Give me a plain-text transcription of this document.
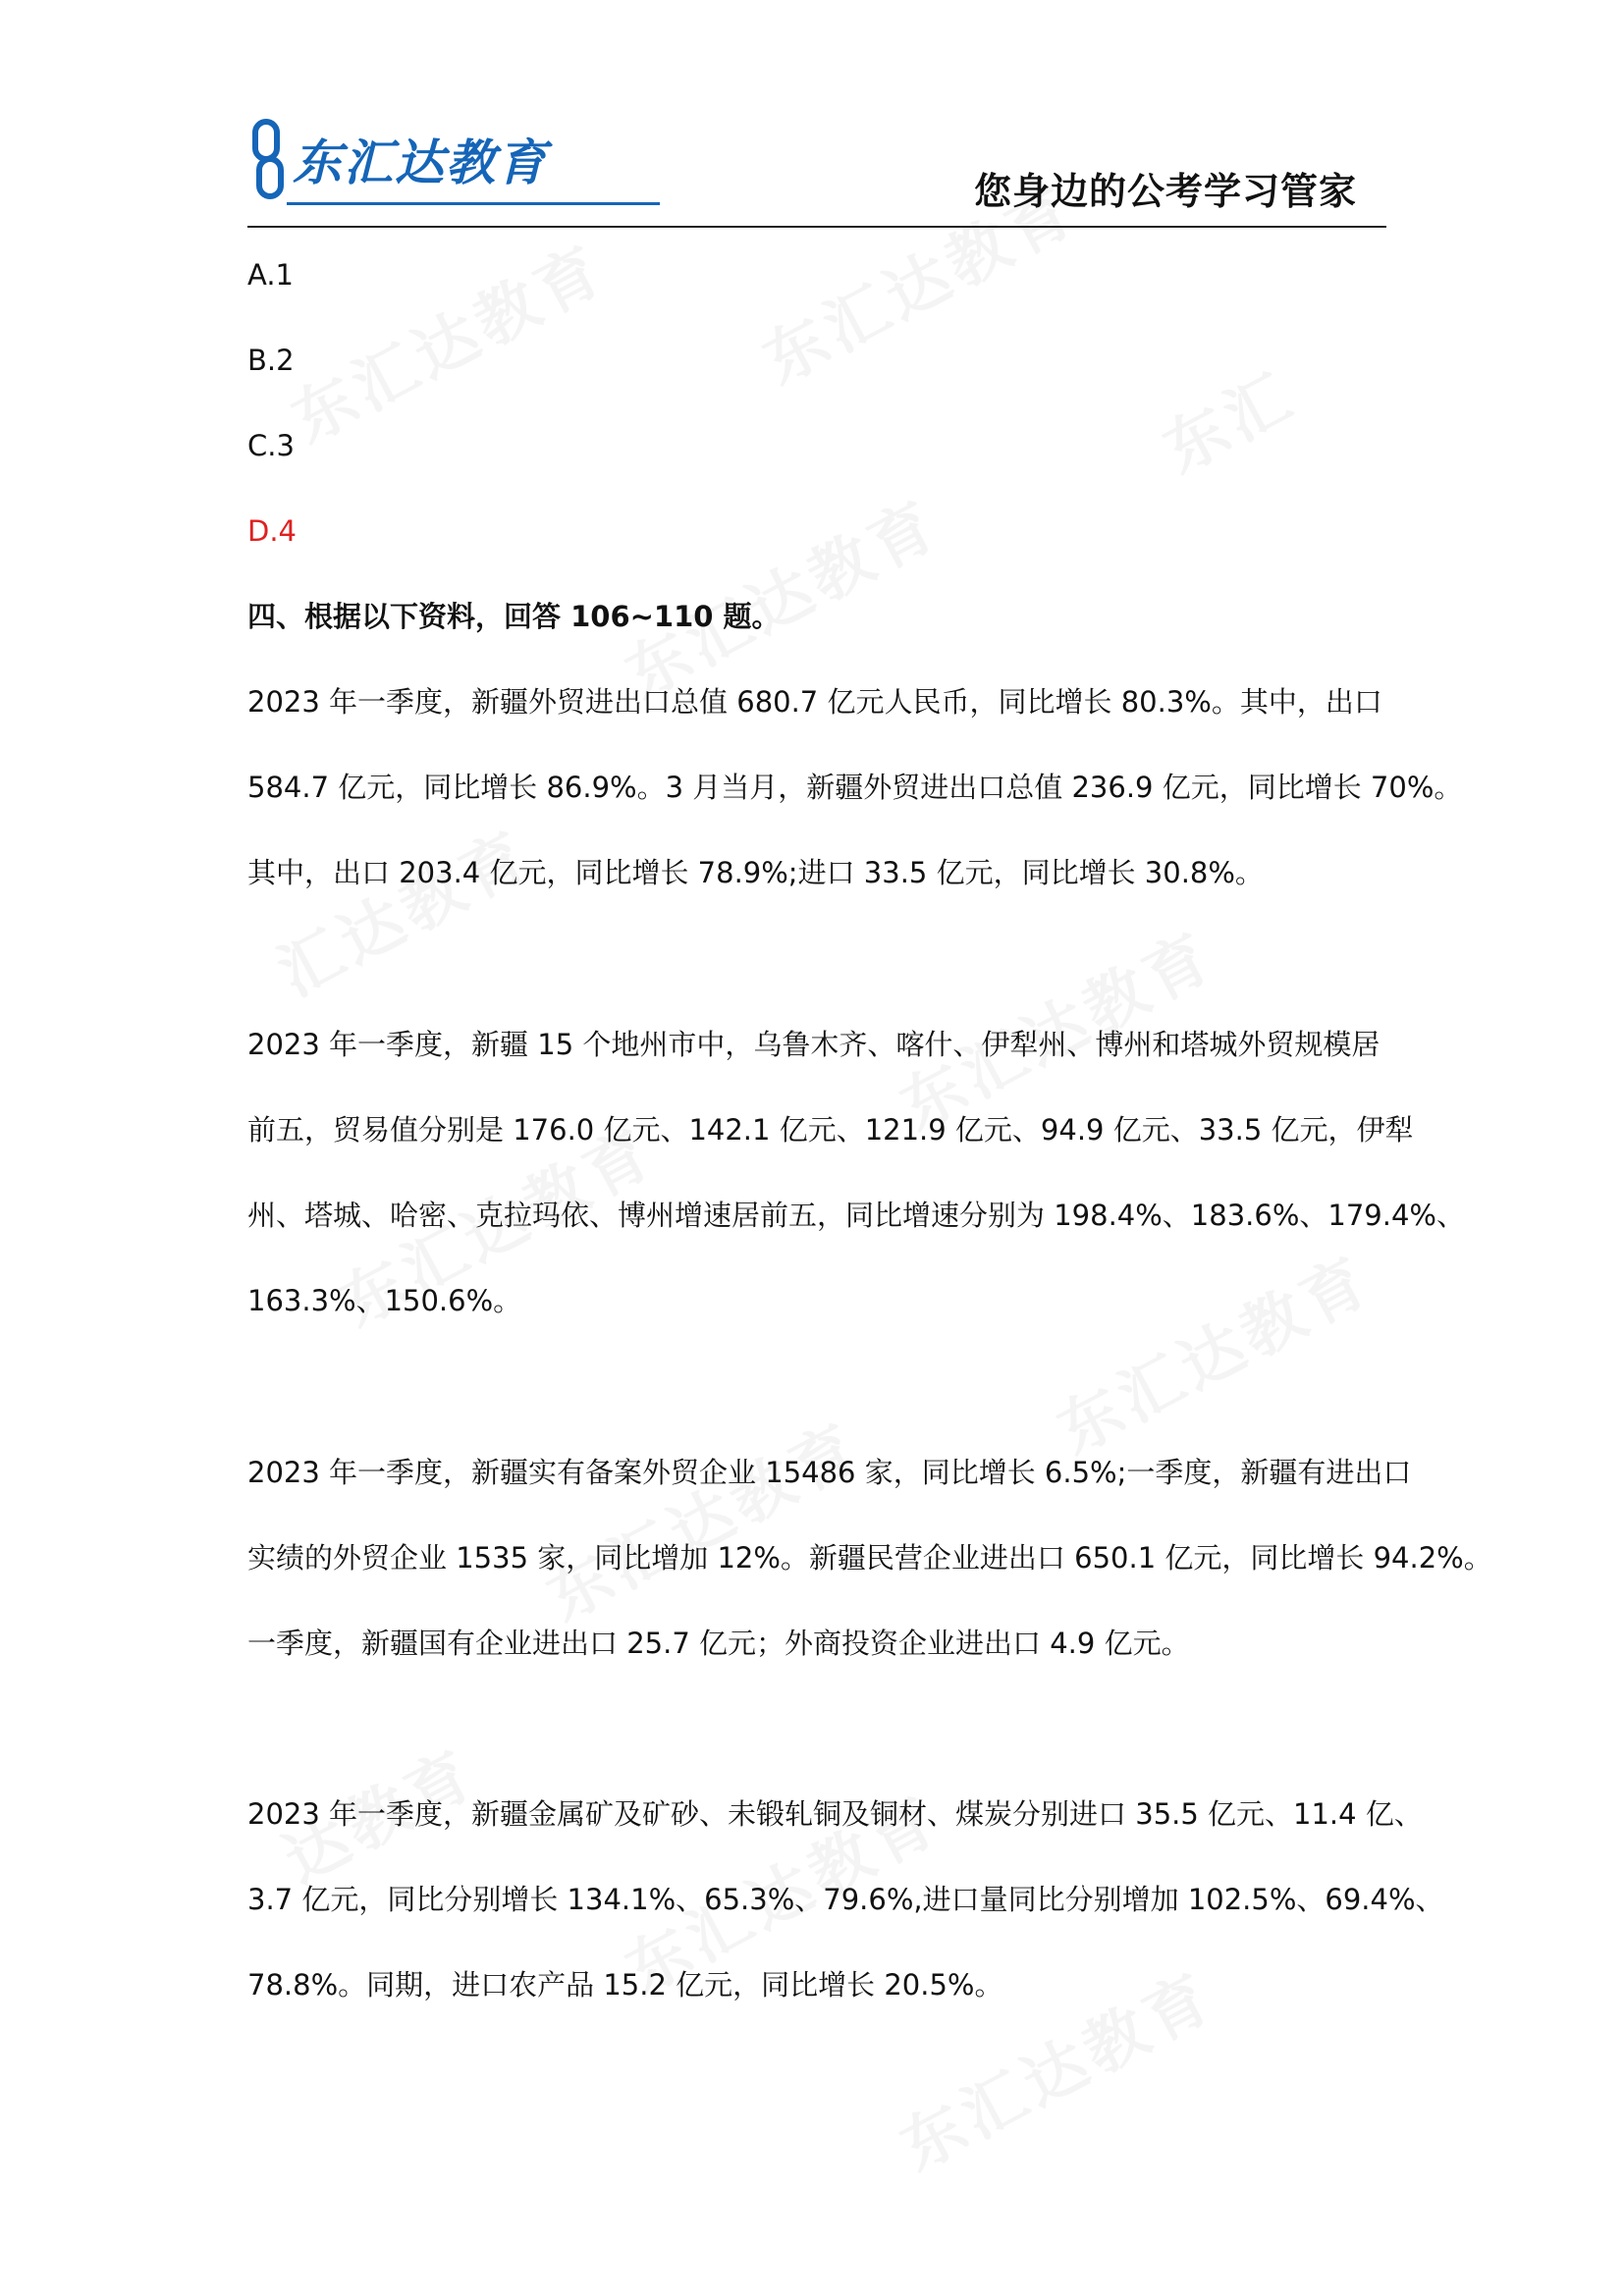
东汇达教育	您身边的公考学习管家
A.1
B.2
C.3
D.4
四、根据以下资料，回答 106~110 题。
2023 年一季度，新疆外贸进出口总值 680.7 亿元人民币，同比增长 80.3%。其中，出口
584.7 亿元，同比增长 86.9%。3 月当月，新疆外贸进出口总值 236.9 亿元，同比增长 70%。
其中，出口 203.4 亿元，同比增长 78.9%;进口 33.5 亿元，同比增长 30.8%。
2023 年一季度，新疆 15 个地州市中，乌鲁木齐、喀什、伊犁州、博州和塔城外贸规模居
前五，贸易值分别是 176.0 亿元、142.1 亿元、121.9 亿元、94.9 亿元、33.5 亿元，伊犁
州、塔城、哈密、克拉玛依、博州增速居前五，同比增速分别为 198.4%、183.6%、179.4%、
163.3%、150.6%。
2023 年一季度，新疆实有备案外贸企业 15486 家，同比增长 6.5%;一季度，新疆有进出口
实绩的外贸企业 1535 家，同比增加 12%。新疆民营企业进出口 650.1 亿元，同比增长 94.2%。
一季度，新疆国有企业进出口 25.7 亿元；外商投资企业进出口 4.9 亿元。
2023 年一季度，新疆金属矿及矿砂、未锻轧铜及铜材、煤炭分别进口 35.5 亿元、11.4 亿、
3.7 亿元，同比分别增长 134.1%、65.3%、79.6%,进口量同比分别增加 102.5%、69.4%、
78.8%。同期，进口农产品 15.2 亿元，同比增长 20.5%。
